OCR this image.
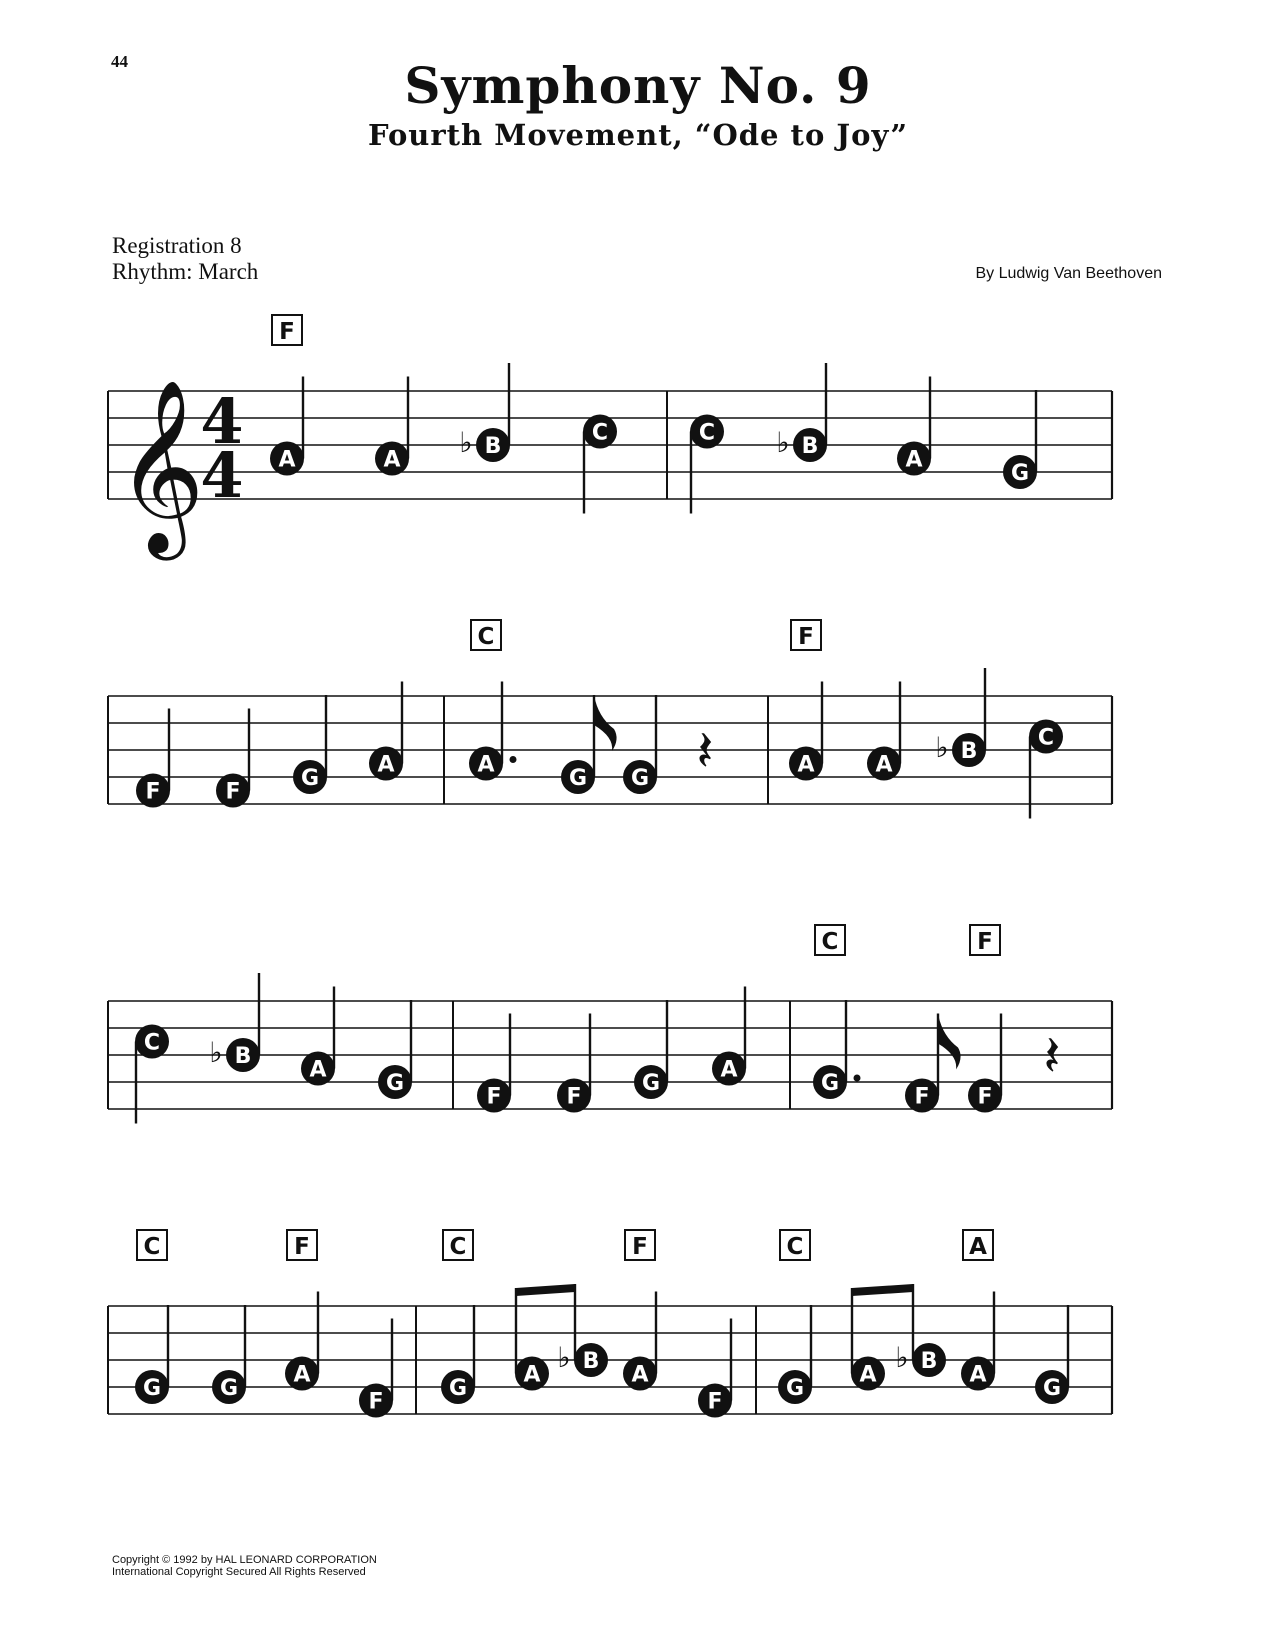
44	Symphony No. 9
Fourth Movement, “Ode to Joy”
Registration 8
Rhythm: March	By Ludwig Van Beethoven
𝄞
4
4
F
A	A
♭ B
C	C ♭ B
A
G
F	F
G
A
C
A
G G 𝄽
F
A	A
♭ B
C
C ♭ B
A
G
F	F
G
A
C	F
G
F F
𝄽
C	F
G	G
A
F
C	F
G
A
♭ B
A
F
C	A
G
A
♭ B
A
G
Copyright © 1992 by HAL LEONARD CORPORATION
International Copyright Secured All Rights Reserved
